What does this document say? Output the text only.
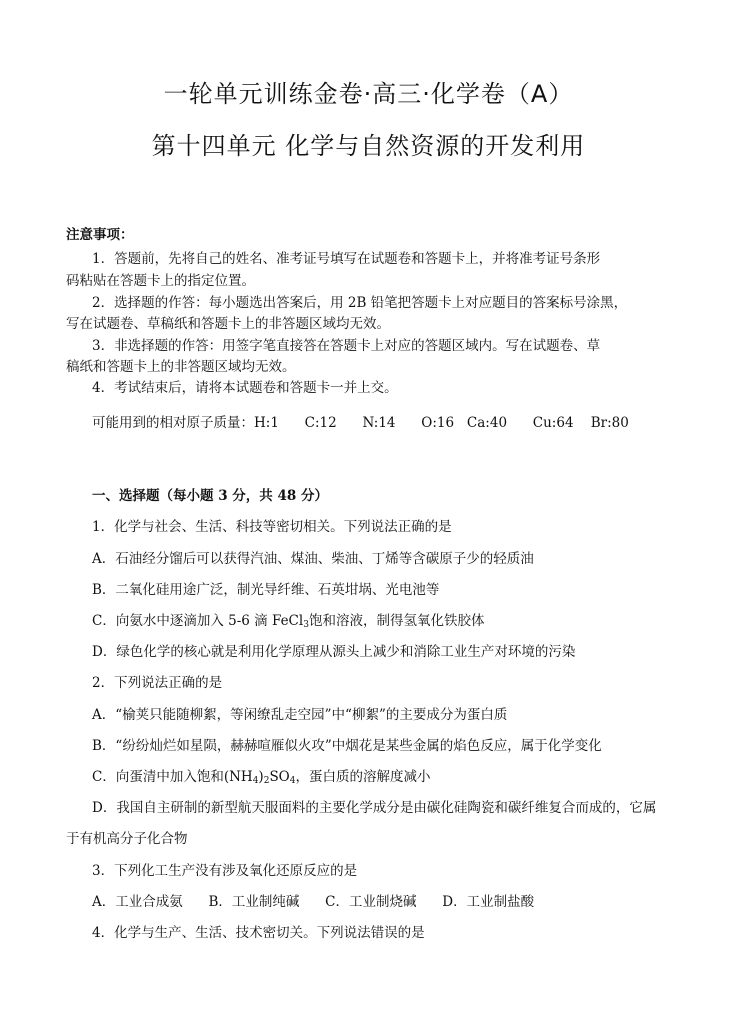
一轮单元训练金卷·高三·化学卷（A）
第十四单元 化学与自然资源的开发利用
注意事项：
1．答题前，先将自己的姓名、准考证号填写在试题卷和答题卡上，并将准考证号条形
码粘贴在答题卡上的指定位置。
2．选择题的作答：每小题选出答案后，用 2B 铅笔把答题卡上对应题目的答案标号涂黑，
写在试题卷、草稿纸和答题卡上的非答题区域均无效。
3．非选择题的作答：用签字笔直接答在答题卡上对应的答题区域内。写在试题卷、草
稿纸和答题卡上的非答题区域均无效。
4．考试结束后，请将本试题卷和答题卡一并上交。
可能用到的相对原子质量：H:1      C:12      N:14      O:16   Ca:40      Cu:64    Br:80
一、选择题（每小题 3 分，共 48 分）
1．化学与社会、生活、科技等密切相关。下列说法正确的是
A．石油经分馏后可以获得汽油、煤油、柴油、丁烯等含碳原子少的轻质油
B．二氧化硅用途广泛，制光导纤维、石英坩埚、光电池等
C．向氨水中逐滴加入 5-6 滴 FeCl$_3$饱和溶液，制得氢氧化铁胶体
D．绿色化学的核心就是利用化学原理从源头上减少和消除工业生产对环境的污染
2．下列说法正确的是
A．“榆荚只能随柳絮，等闲缭乱走空园”中“柳絮”的主要成分为蛋白质
B．“纷纷灿烂如星陨，赫赫喧雁似火攻”中烟花是某些金属的焰色反应，属于化学变化
C．向蛋清中加入饱和$(NH_4)_2SO_4$，蛋白质的溶解度减小
D．我国自主研制的新型航天服面料的主要化学成分是由碳化硅陶瓷和碳纤维复合而成的，它属
于有机高分子化合物
3．下列化工生产没有涉及氧化还原反应的是
A．工业合成氨      B．工业制纯碱      C．工业制烧碱      D．工业制盐酸
4．化学与生产、生活、技术密切关。下列说法错误的是
